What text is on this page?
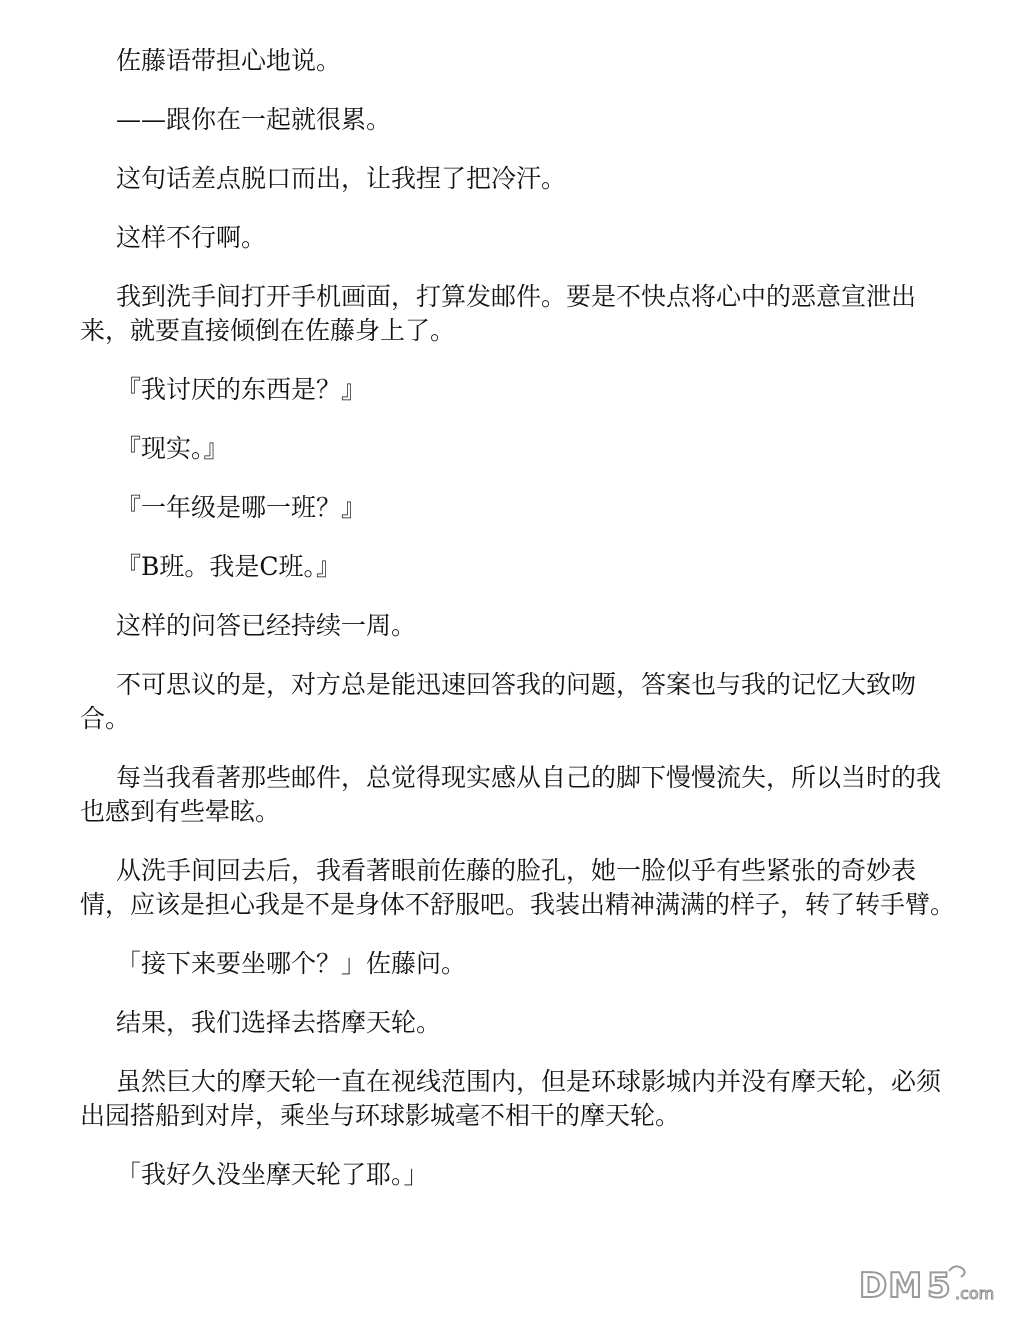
佐藤语带担心地说。

——跟你在一起就很累。

这句话差点脱口而出，让我捏了把冷汗。

这样不行啊。

我到洗手间打开手机画面，打算发邮件。要是不快点将心中的恶意宣泄出来，就要直接倾倒在佐藤身上了。

『我讨厌的东西是？』

『现实。』

『一年级是哪一班？』

『B班。我是C班。』

这样的问答已经持续一周。

不可思议的是，对方总是能迅速回答我的问题，答案也与我的记忆大致吻合。

每当我看著那些邮件，总觉得现实感从自己的脚下慢慢流失，所以当时的我也感到有些晕眩。

从洗手间回去后，我看著眼前佐藤的脸孔，她一脸似乎有些紧张的奇妙表情，应该是担心我是不是身体不舒服吧。我装出精神满满的样子，转了转手臂。

「接下来要坐哪个？」佐藤问。

结果，我们选择去搭摩天轮。

虽然巨大的摩天轮一直在视线范围内，但是环球影城内并没有摩天轮，必须出园搭船到对岸，乘坐与环球影城毫不相干的摩天轮。

「我好久没坐摩天轮了耶。」

DM 5 .com
